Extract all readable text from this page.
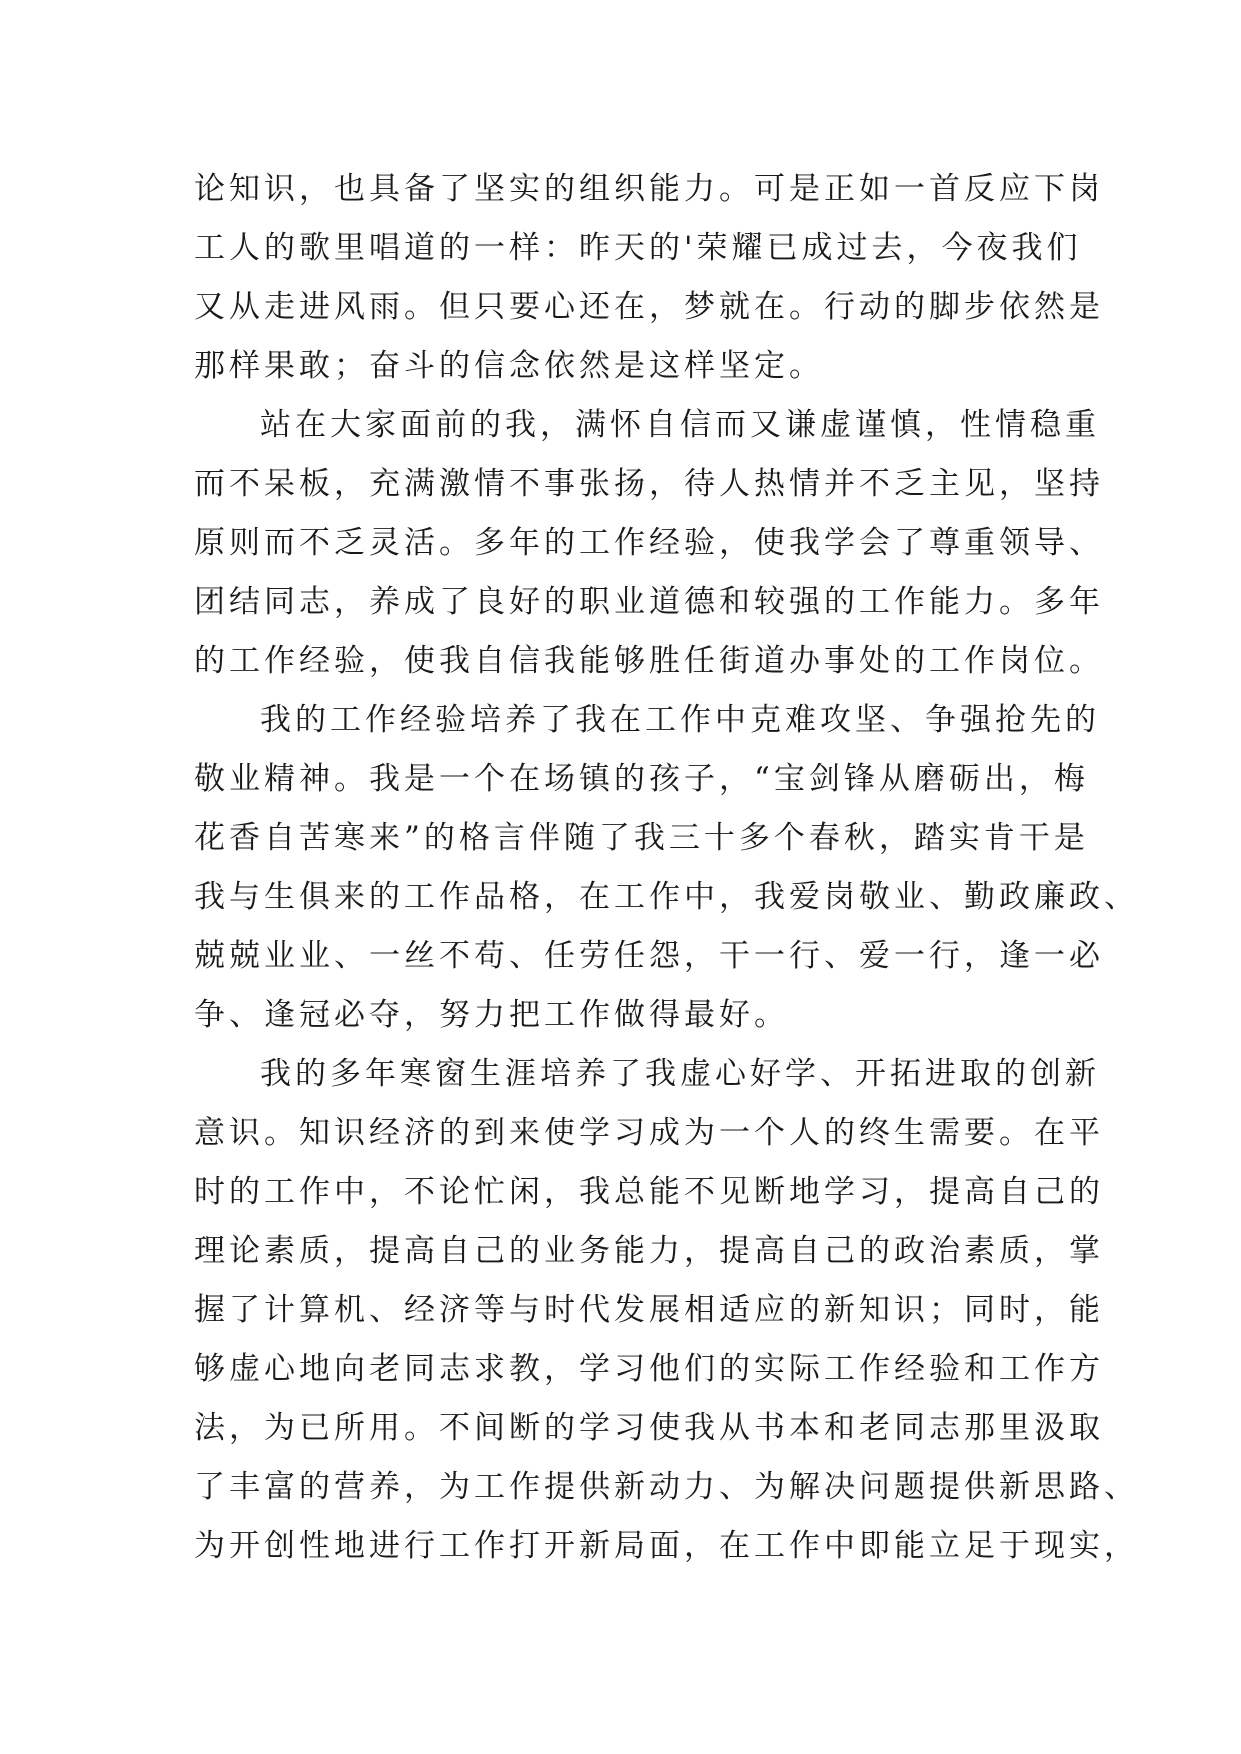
论知识，也具备了坚实的组织能力。可是正如一首反应下岗
工人的歌里唱道的一样：昨天的'荣耀已成过去，今夜我们
又从走进风雨。但只要心还在，梦就在。行动的脚步依然是
那样果敢；奋斗的信念依然是这样坚定。
站在大家面前的我，满怀自信而又谦虚谨慎，性情稳重
而不呆板，充满激情不事张扬，待人热情并不乏主见，坚持
原则而不乏灵活。多年的工作经验，使我学会了尊重领导、
团结同志，养成了良好的职业道德和较强的工作能力。多年
的工作经验，使我自信我能够胜任街道办事处的工作岗位。
我的工作经验培养了我在工作中克难攻坚、争强抢先的
敬业精神。我是一个在场镇的孩子，“宝剑锋从磨砺出，梅
花香自苦寒来”的格言伴随了我三十多个春秋，踏实肯干是
我与生俱来的工作品格，在工作中，我爱岗敬业、勤政廉政、
兢兢业业、一丝不苟、任劳任怨，干一行、爱一行，逢一必
争、逢冠必夺，努力把工作做得最好。
我的多年寒窗生涯培养了我虚心好学、开拓进取的创新
意识。知识经济的到来使学习成为一个人的终生需要。在平
时的工作中，不论忙闲，我总能不见断地学习，提高自己的
理论素质，提高自己的业务能力，提高自己的政治素质，掌
握了计算机、经济等与时代发展相适应的新知识；同时，能
够虚心地向老同志求教，学习他们的实际工作经验和工作方
法，为已所用。不间断的学习使我从书本和老同志那里汲取
了丰富的营养，为工作提供新动力、为解决问题提供新思路、
为开创性地进行工作打开新局面，在工作中即能立足于现实，
